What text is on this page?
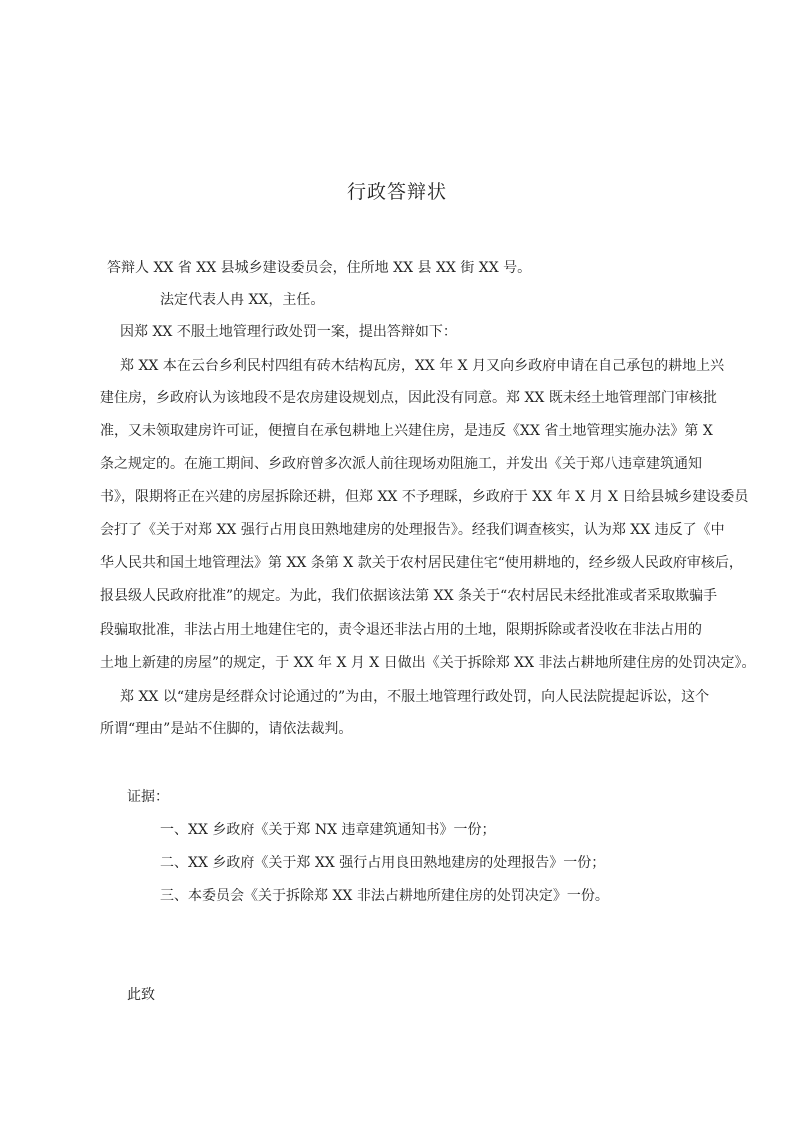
行政答辩状
答辩人 XX 省 XX 县城乡建设委员会，住所地 XX 县 XX 街 XX 号。
法定代表人冉 XX，主任。
因郑 XX 不服土地管理行政处罚一案，提出答辩如下：
郑 XX 本在云台乡利民村四组有砖木结构瓦房，XX 年 X 月又向乡政府申请在自己承包的耕地上兴
建住房，乡政府认为该地段不是农房建设规划点，因此没有同意。郑 XX 既未经土地管理部门审核批
准，又未领取建房许可证，便擅自在承包耕地上兴建住房，是违反《XX 省土地管理实施办法》第 X
条之规定的。在施工期间、乡政府曾多次派人前往现场劝阻施工，并发出《关于郑八违章建筑通知
书》，限期将正在兴建的房屋拆除还耕，但郑 XX 不予理睬，乡政府于 XX 年 X 月 X 日给县城乡建设委员
会打了《关于对郑 XX 强行占用良田熟地建房的处理报告》。经我们调查核实，认为郑 XX 违反了《中
华人民共和国土地管理法》第 XX 条第 X 款关于农村居民建住宅“使用耕地的，经乡级人民政府审核后，
报县级人民政府批准”的规定。为此，我们依据该法第 XX 条关于“农村居民未经批准或者采取欺骗手
段骗取批准，非法占用土地建住宅的，责令退还非法占用的土地，限期拆除或者没收在非法占用的
土地上新建的房屋”的规定，于 XX 年 X 月 X 日做出《关于拆除郑 XX 非法占耕地所建住房的处罚决定》。
郑 XX 以“建房是经群众讨论通过的”为由，不服土地管理行政处罚，向人民法院提起诉讼，这个
所谓“理由”是站不住脚的，请依法裁判。
证据：
一、XX 乡政府《关于郑 NX 违章建筑通知书》一份；
二、XX 乡政府《关于郑 XX 强行占用良田熟地建房的处理报告》一份；
三、本委员会《关于拆除郑 XX 非法占耕地所建住房的处罚决定》一份。
此致
